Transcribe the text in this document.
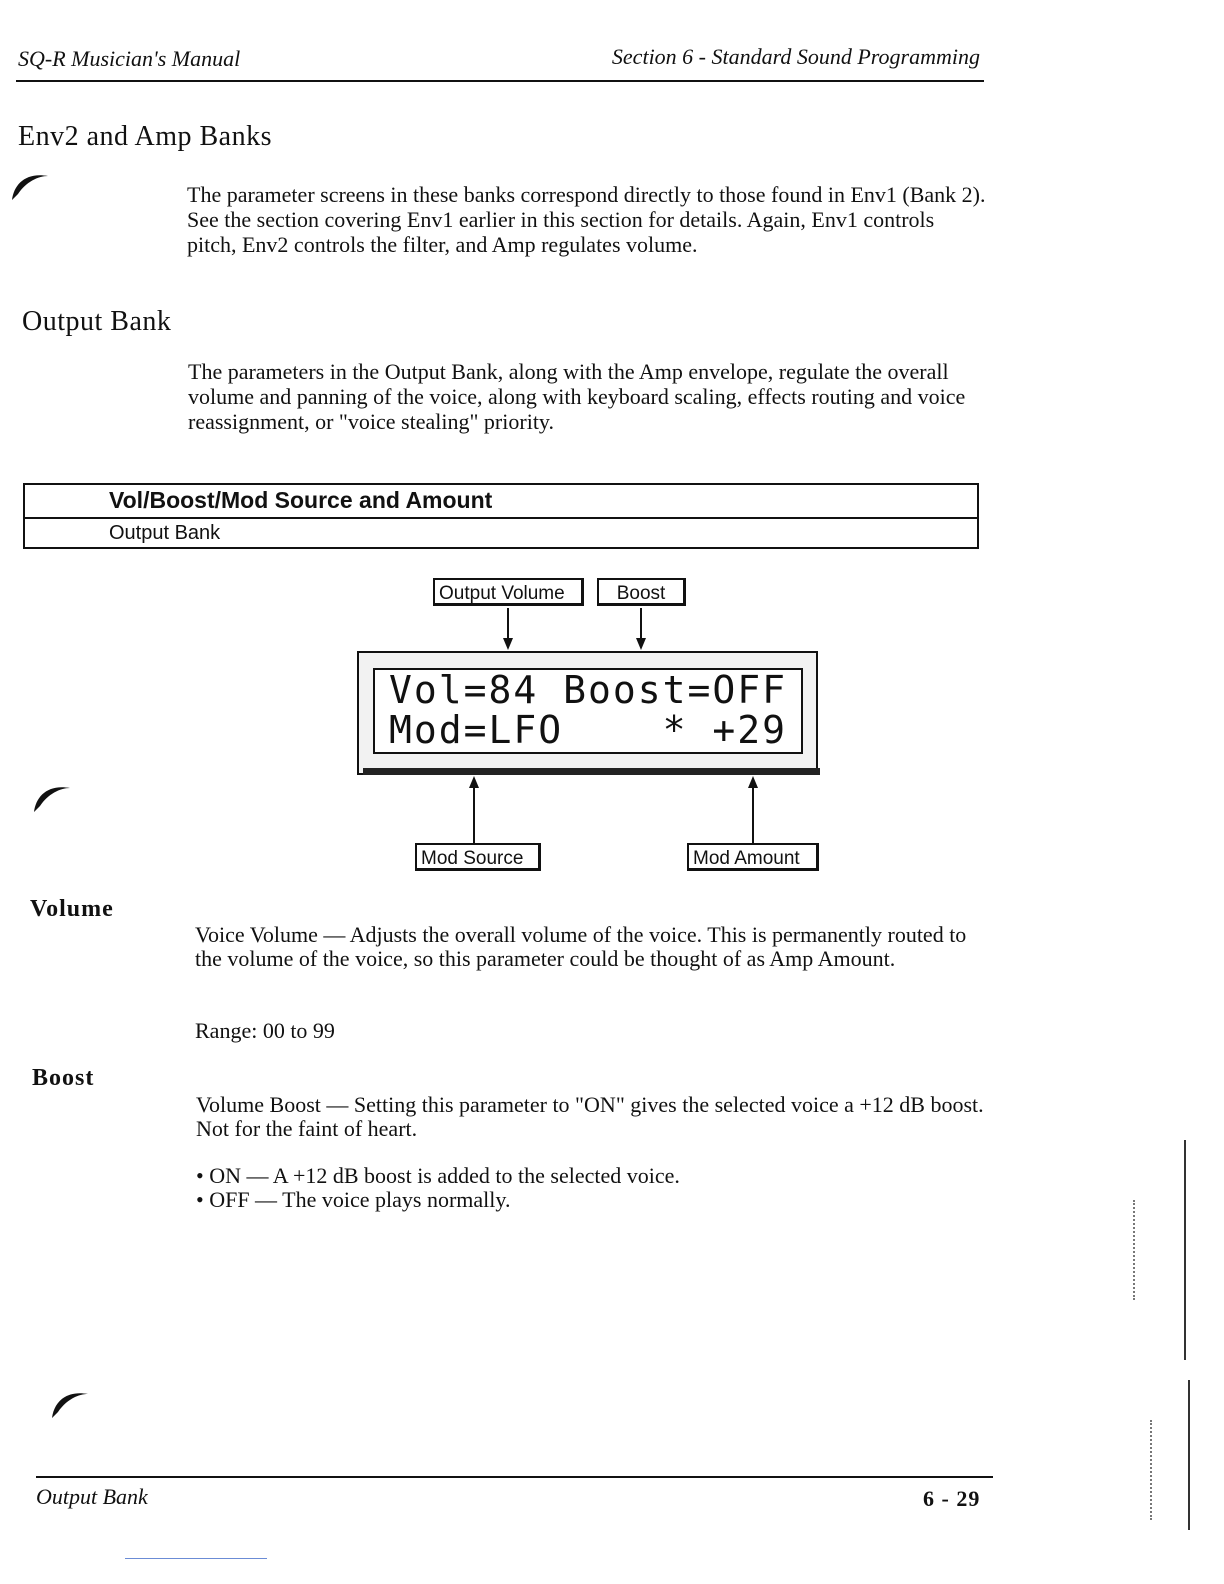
SQ-R Musician's Manual	Section 6 - Standard Sound Programming
Env2 and Amp Banks
The parameter screens in these banks correspond directly to those found in Env1 (Bank 2). See the section covering Env1 earlier in this section for details. Again, Env1 controls pitch, Env2 controls the filter, and Amp regulates volume.
Output Bank
The parameters in the Output Bank, along with the Amp envelope, regulate the overall volume and panning of the voice, along with keyboard scaling, effects routing and voice reassignment, or "voice stealing" priority.
Vol/Boost/Mod Source and Amount
Output Bank
Output Volume	Boost
Vol=84 Boost=OFF
Mod=LFO    * +29
Mod Source	Mod Amount
Volume
Voice Volume — Adjusts the overall volume of the voice. This is permanently routed to the volume of the voice, so this parameter could be thought of as Amp Amount.
Range: 00 to 99
Boost
Volume Boost — Setting this parameter to "ON" gives the selected voice a +12 dB boost. Not for the faint of heart.
• ON — A +12 dB boost is added to the selected voice.
• OFF — The voice plays normally.
Output Bank	6 - 29
